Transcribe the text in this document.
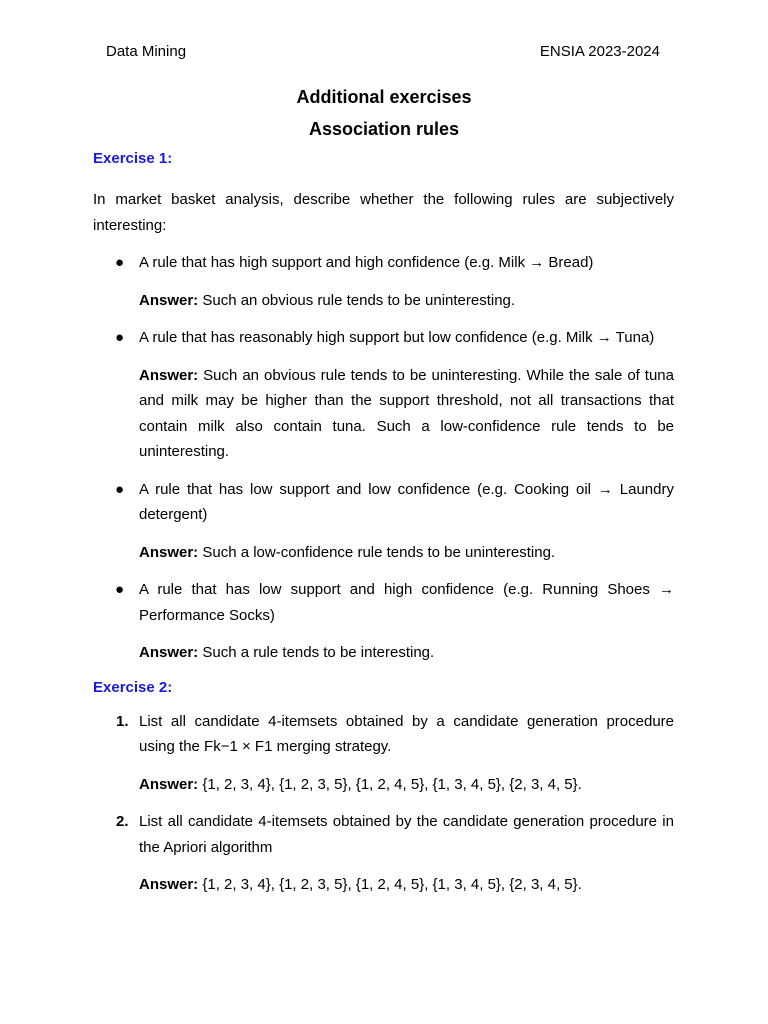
Data Mining	ENSIA 2023-2024
Additional exercises
Association rules

Exercise 1:

In market basket analysis, describe whether the following rules are subjectively interesting:

● A rule that has high support and high confidence (e.g. Milk → Bread)

Answer: Such an obvious rule tends to be uninteresting.

● A rule that has reasonably high support but low confidence (e.g. Milk → Tuna)

Answer: Such an obvious rule tends to be uninteresting. While the sale of tuna and milk may be higher than the support threshold, not all transactions that contain milk also contain tuna. Such a low-confidence rule tends to be uninteresting.

● A rule that has low support and low confidence (e.g. Cooking oil → Laundry detergent)

Answer: Such a low-confidence rule tends to be uninteresting.

● A rule that has low support and high confidence (e.g. Running Shoes → Performance Socks)

Answer: Such a rule tends to be interesting.

Exercise 2:

1. List all candidate 4-itemsets obtained by a candidate generation procedure using the Fk−1 × F1 merging strategy.

Answer: {1, 2, 3, 4}, {1, 2, 3, 5}, {1, 2, 4, 5}, {1, 3, 4, 5}, {2, 3, 4, 5}.

2. List all candidate 4-itemsets obtained by the candidate generation procedure in the Apriori algorithm

Answer: {1, 2, 3, 4}, {1, 2, 3, 5}, {1, 2, 4, 5}, {1, 3, 4, 5}, {2, 3, 4, 5}.
